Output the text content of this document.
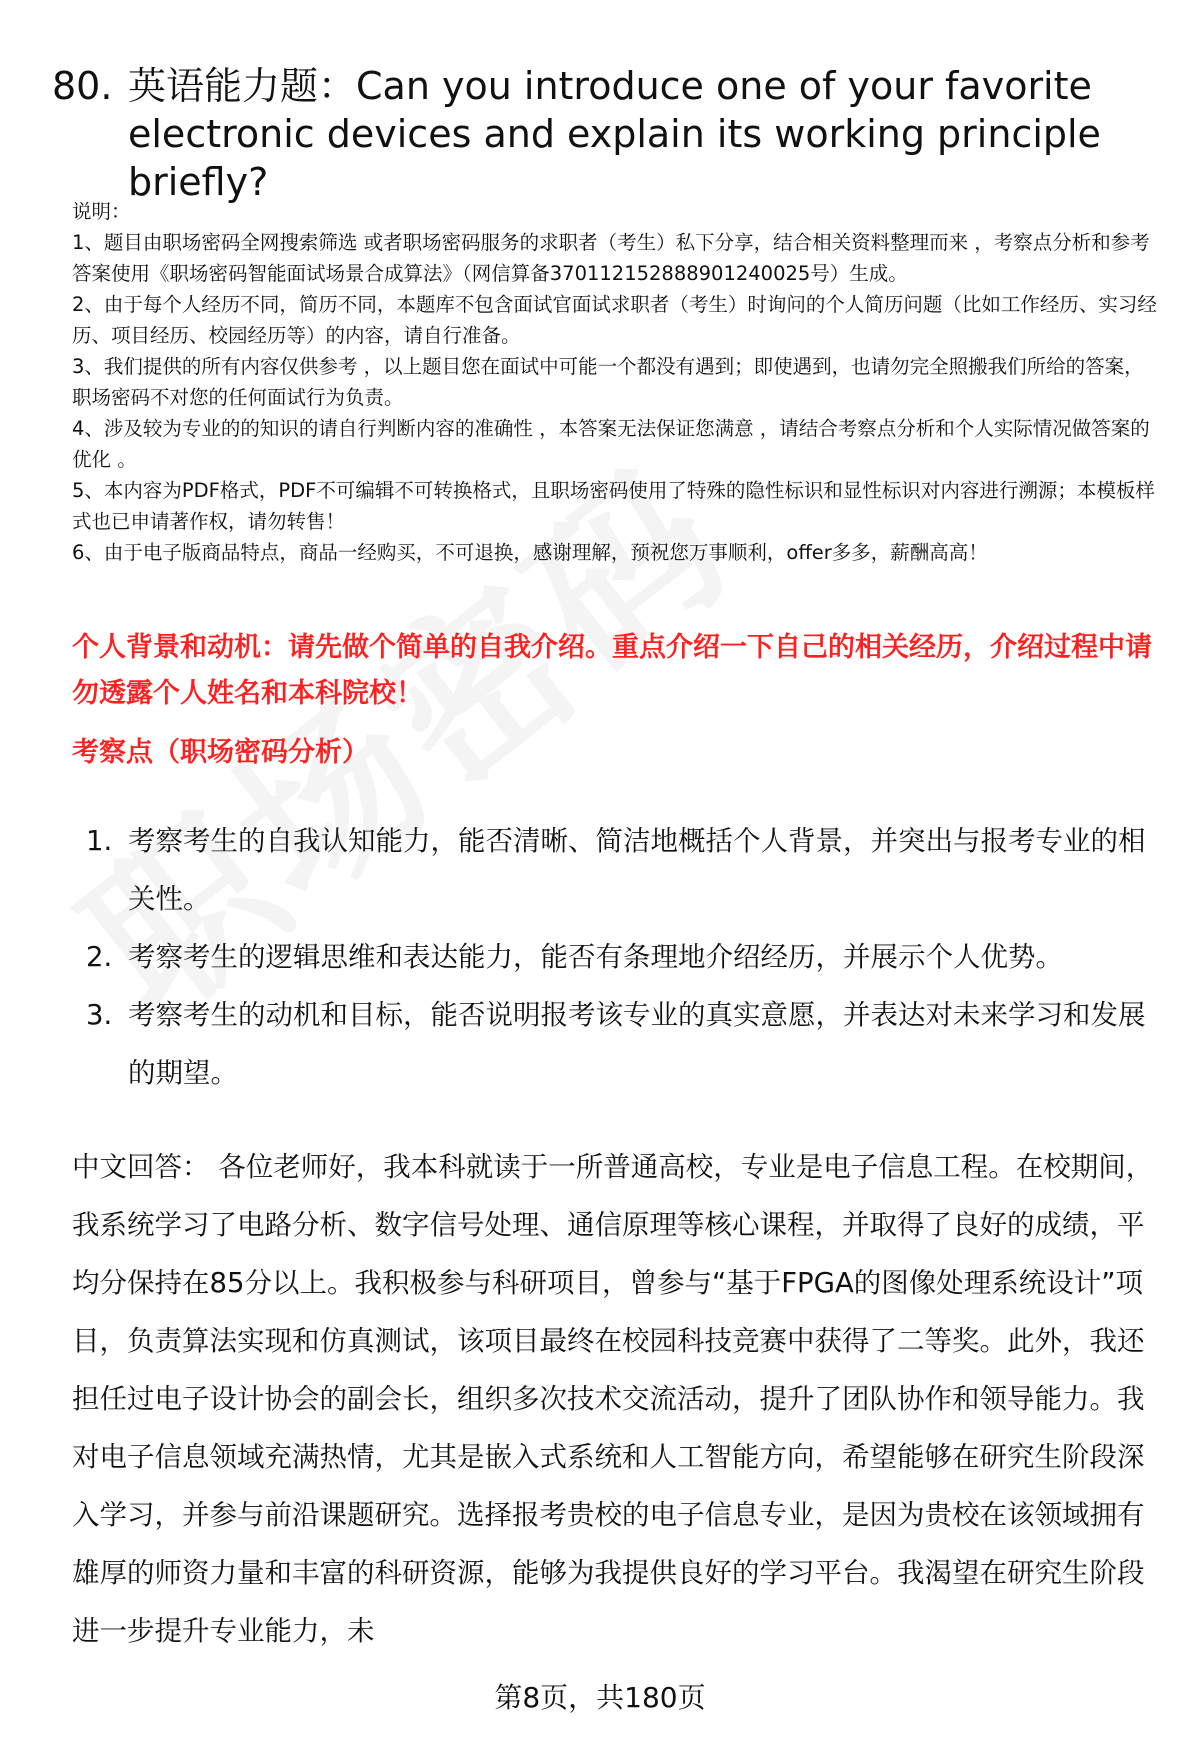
80. 英语能力题：Can you introduce one of your favorite electronic devices and explain its working principle briefly?

说明：

1、题目由职场密码全网搜索筛选 或者职场密码服务的求职者（考生）私下分享，结合相关资料整理而来 ，考察点分析和参考答案使用《职场密码智能面试场景合成算法》（网信算备370112152888901240025号）生成。

2、由于每个人经历不同，简历不同，本题库不包含面试官面试求职者（考生）时询问的个人简历问题（比如工作经历、实习经历、项目经历、校园经历等）的内容，请自行准备。

3、我们提供的所有内容仅供参考 ，以上题目您在面试中可能一个都没有遇到；即使遇到，也请勿完全照搬我们所给的答案，职场密码不对您的任何面试行为负责。

4、涉及较为专业的的知识的请自行判断内容的准确性 ，本答案无法保证您满意 ，请结合考察点分析和个人实际情况做答案的优化 。

5、本内容为PDF格式，PDF不可编辑不可转换格式，且职场密码使用了特殊的隐性标识和显性标识对内容进行溯源；本模板样式也已申请著作权，请勿转售！

6、由于电子版商品特点，商品一经购买，不可退换，感谢理解，预祝您万事顺利，offer多多，薪酬高高！

个人背景和动机：请先做个简单的自我介绍。重点介绍一下自己的相关经历，介绍过程中请勿透露个人姓名和本科院校！
考察点（职场密码分析）
1. 考察考生的自我认知能力，能否清晰、简洁地概括个人背景，并突出与报考专业的相关性。
2. 考察考生的逻辑思维和表达能力，能否有条理地介绍经历，并展示个人优势。
3. 考察考生的动机和目标，能否说明报考该专业的真实意愿，并表达对未来学习和发展的期望。
中文回答： 各位老师好，我本科就读于一所普通高校，专业是电子信息工程。在校期间，我系统学习了电路分析、数字信号处理、通信原理等核心课程，并取得了良好的成绩，平均分保持在85分以上。我积极参与科研项目，曾参与“基于FPGA的图像处理系统设计”项目，负责算法实现和仿真测试，该项目最终在校园科技竞赛中获得了二等奖。此外，我还担任过电子设计协会的副会长，组织多次技术交流活动，提升了团队协作和领导能力。我对电子信息领域充满热情，尤其是嵌入式系统和人工智能方向，希望能够在研究生阶段深入学习，并参与前沿课题研究。选择报考贵校的电子信息专业，是因为贵校在该领域拥有雄厚的师资力量和丰富的科研资源，能够为我提供良好的学习平台。我渴望在研究生阶段进一步提升专业能力，未
第8页，共180页
